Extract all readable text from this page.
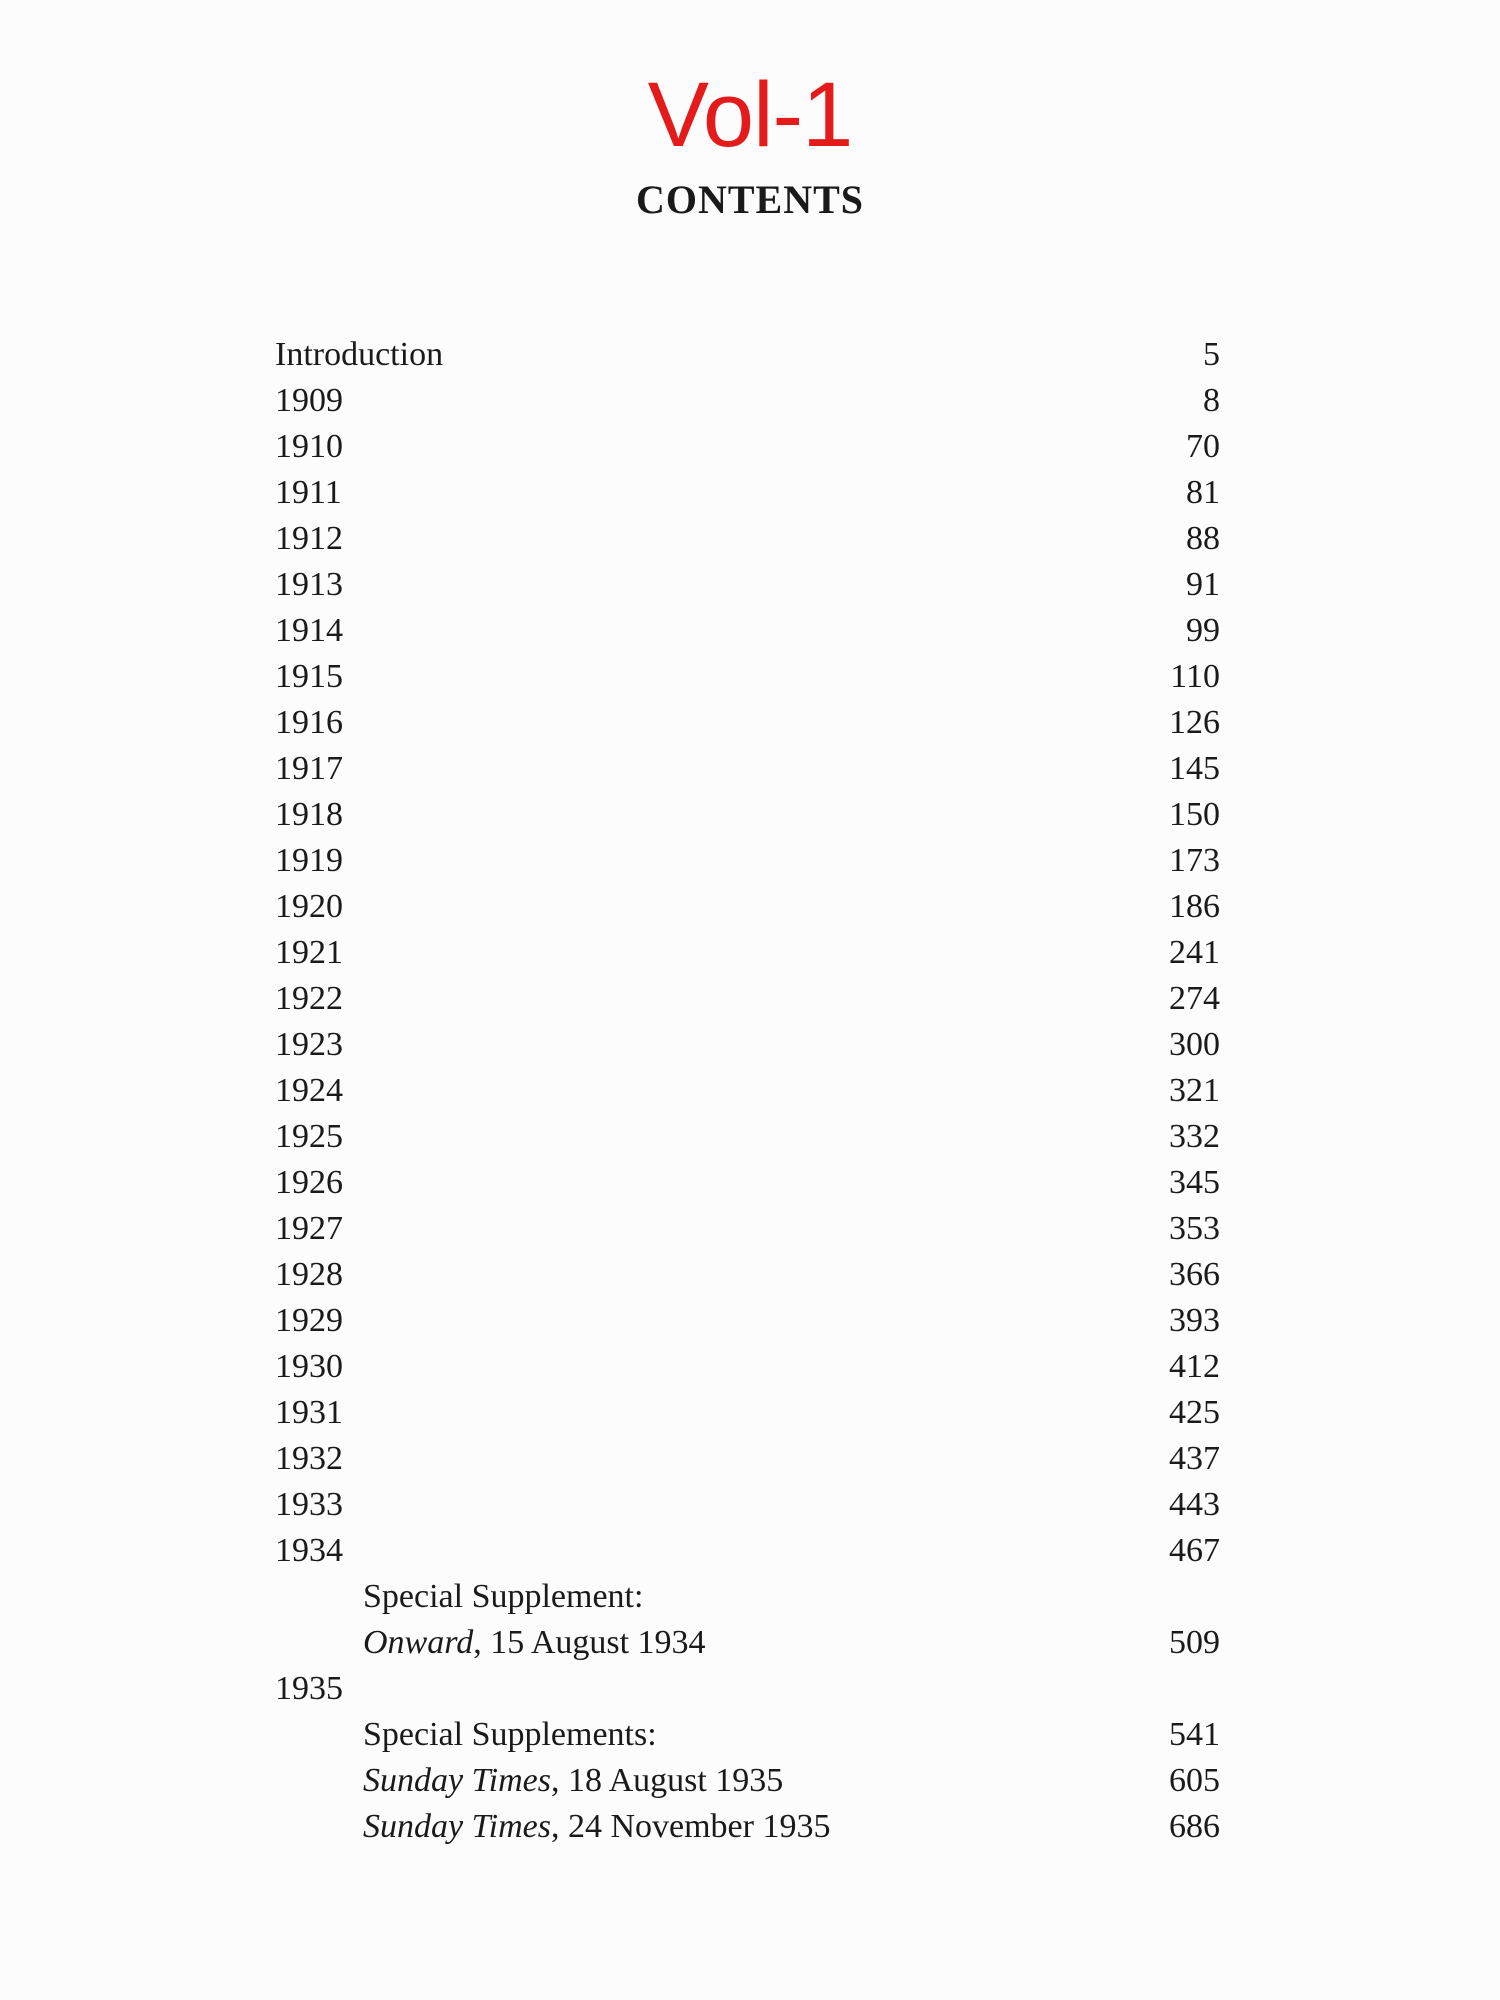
Vol-1
CONTENTS
Introduction	5
1909	8
1910	70
1911	81
1912	88
1913	91
1914	99
1915	110
1916	126
1917	145
1918	150
1919	173
1920	186
1921	241
1922	274
1923	300
1924	321
1925	332
1926	345
1927	353
1928	366
1929	393
1930	412
1931	425
1932	437
1933	443
1934	467
Special Supplement:
Onward, 15 August 1934	509
1935
Special Supplements:	541
Sunday Times, 18 August 1935	605
Sunday Times, 24 November 1935	686
